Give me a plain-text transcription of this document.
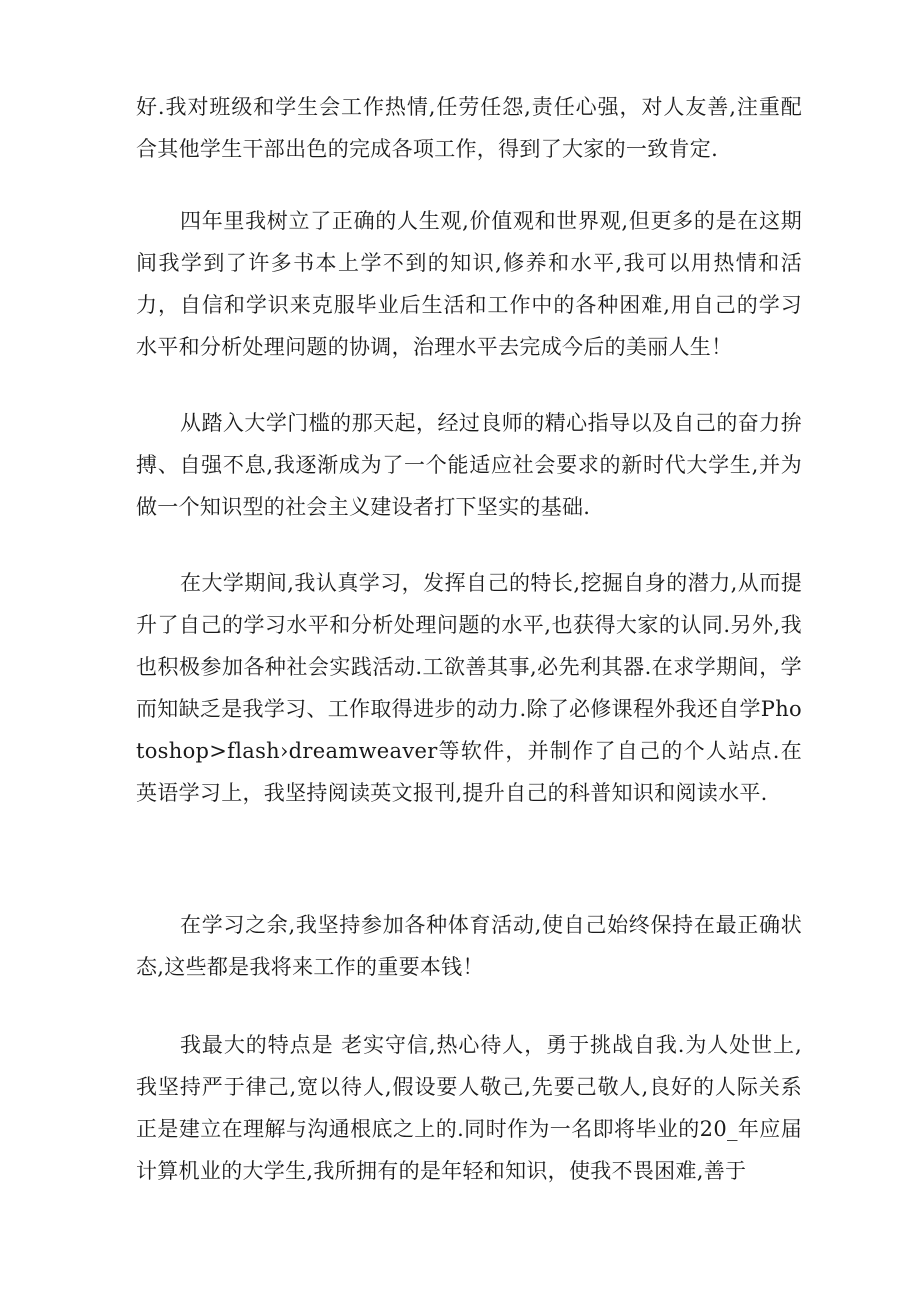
好.我对班级和学生会工作热情,任劳任怨,责任心强，对人友善,注重配合其他学生干部出色的完成各项工作，得到了大家的一致肯定.

四年里我树立了正确的人生观,价值观和世界观,但更多的是在这期间我学到了许多书本上学不到的知识,修养和水平,我可以用热情和活力，自信和学识来克服毕业后生活和工作中的各种困难,用自己的学习水平和分析处理问题的协调，治理水平去完成今后的美丽人生！

从踏入大学门槛的那天起，经过良师的精心指导以及自己的奋力拚搏、自强不息,我逐渐成为了一个能适应社会要求的新时代大学生,并为做一个知识型的社会主义建设者打下坚实的基础.

在大学期间,我认真学习，发挥自己的特长,挖掘自身的潜力,从而提升了自己的学习水平和分析处理问题的水平,也获得大家的认同.另外,我也积极参加各种社会实践活动.工欲善其事,必先利其器.在求学期间，学而知缺乏是我学习、工作取得进步的动力.除了必修课程外我还自学Photoshop>flash›dreamweaver等软件，并制作了自己的个人站点.在英语学习上，我坚持阅读英文报刊,提升自己的科普知识和阅读水平.

在学习之余,我坚持参加各种体育活动,使自己始终保持在最正确状态,这些都是我将来工作的重要本钱！

我最大的特点是 老实守信,热心待人，勇于挑战自我.为人处世上,我坚持严于律己,宽以待人,假设要人敬己,先要己敬人,良好的人际关系正是建立在理解与沟通根底之上的.同时作为一名即将毕业的20_年应届计算机业的大学生,我所拥有的是年轻和知识，使我不畏困难,善于
